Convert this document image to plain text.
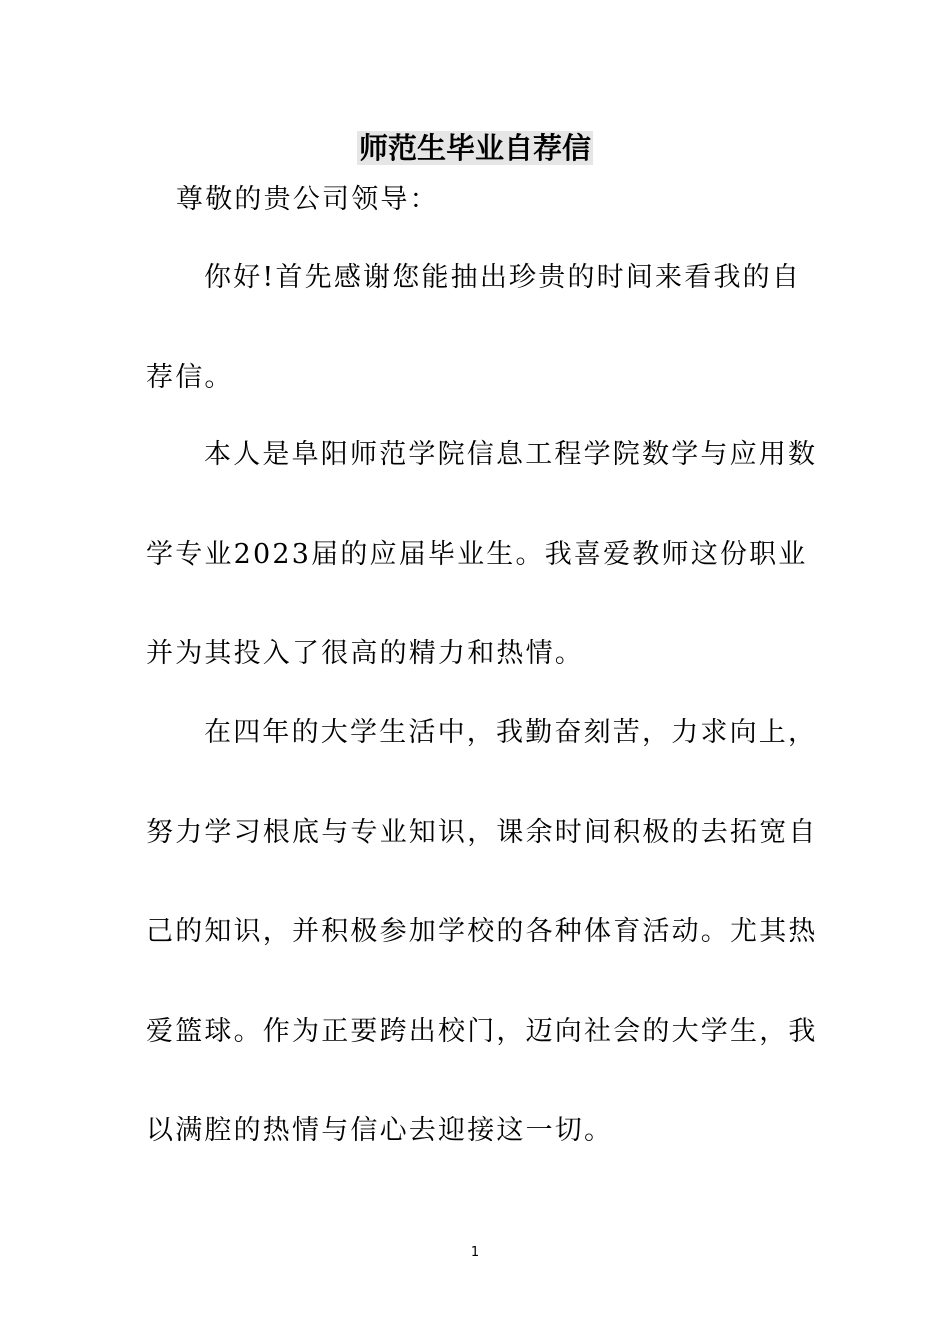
师范生毕业自荐信
尊敬的贵公司领导：
你好!首先感谢您能抽出珍贵的时间来看我的自
荐信。
本人是阜阳师范学院信息工程学院数学与应用数
学专业2023届的应届毕业生。我喜爱教师这份职业
并为其投入了很高的精力和热情。
在四年的大学生活中，我勤奋刻苦，力求向上，
努力学习根底与专业知识，课余时间积极的去拓宽自
己的知识，并积极参加学校的各种体育活动。尤其热
爱篮球。作为正要跨出校门，迈向社会的大学生，我
以满腔的热情与信心去迎接这一切。
1
